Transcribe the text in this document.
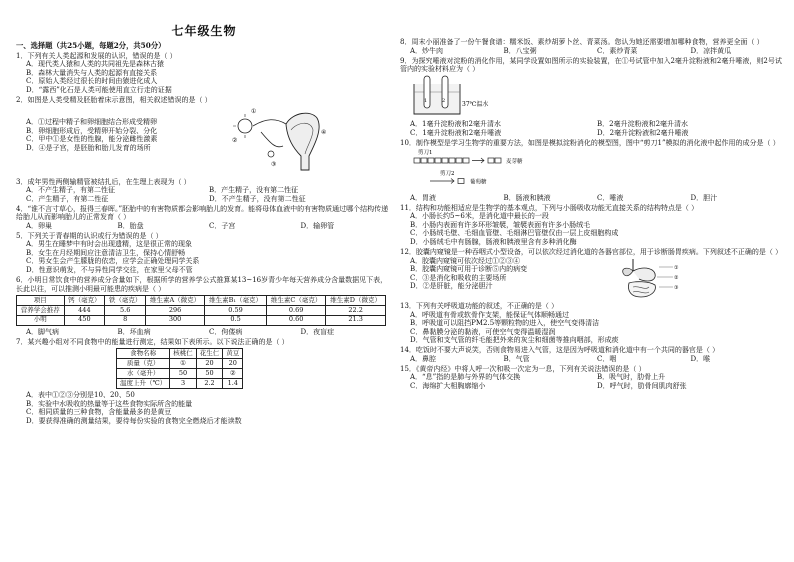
七年级生物
一、选择题（共25小题，每题2分，共50分）
1．下列有关人类起源和发展的认识，错误的是（ ）
A．现代类人猿和人类的共同祖先是森林古猿
B．森林大量消失与人类的起源有直接关系
C．原始人类经过很长的时间由猿进化成人
D．“露西”化石是人类可能使用直立行走的证据
2．如图是人类受精及胚胎着床示意图，相关叙述错误的是（ ）
A．①过程中精子和卵细胞结合形成受精卵
B．卵细胞形成后，受精卵开始分裂、分化
C．甲中①是女性的性腺，能分泌雌性激素
D．④是子宫，是胚胎和胎儿发育的场所
①
②
③
④
3．成年男性两侧输精管被结扎后，在生理上表现为（ ）
A．不产生精子，有第二性征	B．产生精子，没有第二性征
C．产生精子，有第二性征	D．不产生精子，没有第二性征
4．“谁不言寸草心，报得三春晖。”胚胎中的有害物质都会影响胎儿的发育。能将母体血液中的有害物质通过哪个结构传递给胎儿从而影响胎儿的正常发育（ ）
A．卵巢	B．胎盘	C．子宫	D．输卵管
5．下列关于青春期的认识或行为错误的是（ ）
A．男生在睡梦中有时会出现遗精，这是很正常的现象
B．女生在月经期间应注意清洁卫生，保持心情舒畅
C．男女生会产生朦胧的依恋，应学会正确处理同学关系
D．性意识萌发，不与异性同学交往，在家里父母不管
6．小明日常饮食中的营养成分含量如下，根据所学的营养学公式推算某13~16岁青少年每天营养成分含量数据见下表，长此以往，可以推测小明最可能患的疾病是（ ）
项目	钙（毫克）	铁（毫克）	维生素A（微克）	维生素B₁（毫克）	维生素C（毫克）	维生素D（微克）
营养学会推荐	444	5.6	296	0.59	0.69	22.2
小明	450	8	300	0.5	0.60	21.3
A．脚气病	B．坏血病	C．佝偻病	D．夜盲症
7．某兴趣小组对不同食物中的能量进行测定，结果如下表所示。以下说法正确的是（ ）
食物名称	核桃仁	花生仁	黄豆
质量（克）	①	20	20
水（毫升）	50	50	②
温度上升（℃）	3	2.2	1.4
A．表中①②③分别是10、20、50
B．实验中水吸收的热量等于这些食物实际所含的能量
C．相同质量的三种食物，含能量最多的是黄豆
D．要获得准确的测量结果，要待每份实验的食物完全燃烧后才能读数
8．周末小丽准备了一份午餐食谱：糯米饭、素炒胡萝卜丝、青菜汤。您认为她还需要增加哪种食物，营养更全面（ ）
A．炒牛肉	B．八宝粥	C．素炒青菜	D．凉拌黄瓜
9．为探究唾液对淀粉的消化作用，某同学设置如图所示的实验装置，在①号试管中加入2毫升淀粉液和2毫升唾液，则2号试管内的实验材料应为（ ）
1	2	37℃温水
A．1毫升淀粉液和2毫升清水	B．2毫升淀粉液和2毫升清水
C．1毫升淀粉液和2毫升唾液	D．2毫升淀粉液和2毫升唾液
10．制作模型是学习生物学的重要方法，如图是模拟淀粉消化的模型图，图中“剪刀1”模拟的消化液中起作用的成分是（ ）
剪刀1
麦芽糖
剪刀2
葡萄糖
A．胃液	B．肠液和胰液	C．唾液	D．胆汁
11．结构和功能相适应是生物学的基本观点，下列与小肠吸收功能无直接关系的结构特点是（ ）
A．小肠长约5~6米，是消化道中最长的一段
B．小肠内表面有许多环形皱襞，皱襞表面有许多小肠绒毛
C．小肠绒毛壁、毛细血管壁、毛细淋巴管壁仅由一层上皮细胞构成
D．小肠绒毛中有肠腺，肠液和胰液里含有多种消化酶
12．胶囊内窥镜是一种吞咽式小型设备，可以依次经过消化道的各器官部位，用于诊断肠胃疾病。下列叙述不正确的是（ ）
A．胶囊内窥镜可依次经过①②③④
B．胶囊内窥镜可用于诊断⑤内的病变
C．③是消化和吸收的主要场所
D．②是肝脏，能分泌胆汁
①
②
③
13．下列有关呼吸道功能的叙述，不正确的是（ ）
A．呼吸道有骨或软骨作支架，能保证气体顺畅通过
B．呼吸道可以阻挡PM2.5等颗粒物的进入，使空气变得清洁
C．鼻黏膜分泌的黏液，可使空气变得温暖湿润
D．气管和支气管的纤毛能把外来的灰尘和细菌等推向咽部，形成痰
14．吃饭时不要大声说笑，否则食物易进入气管，这是因为呼吸道和消化道中有一个共同的器官是（ ）
A．鼻腔	B．气管	C．咽	D．喉
15．《黄帝内经》中将人呼一次和吸一次定为一息，下列有关说法错误的是（ ）
A．“息”指的是肺与外界的气体交换	B．吸气时，肋骨上升
C．海绵扩大相胸廓缩小	D．呼气时，肋骨间肌肉舒张
